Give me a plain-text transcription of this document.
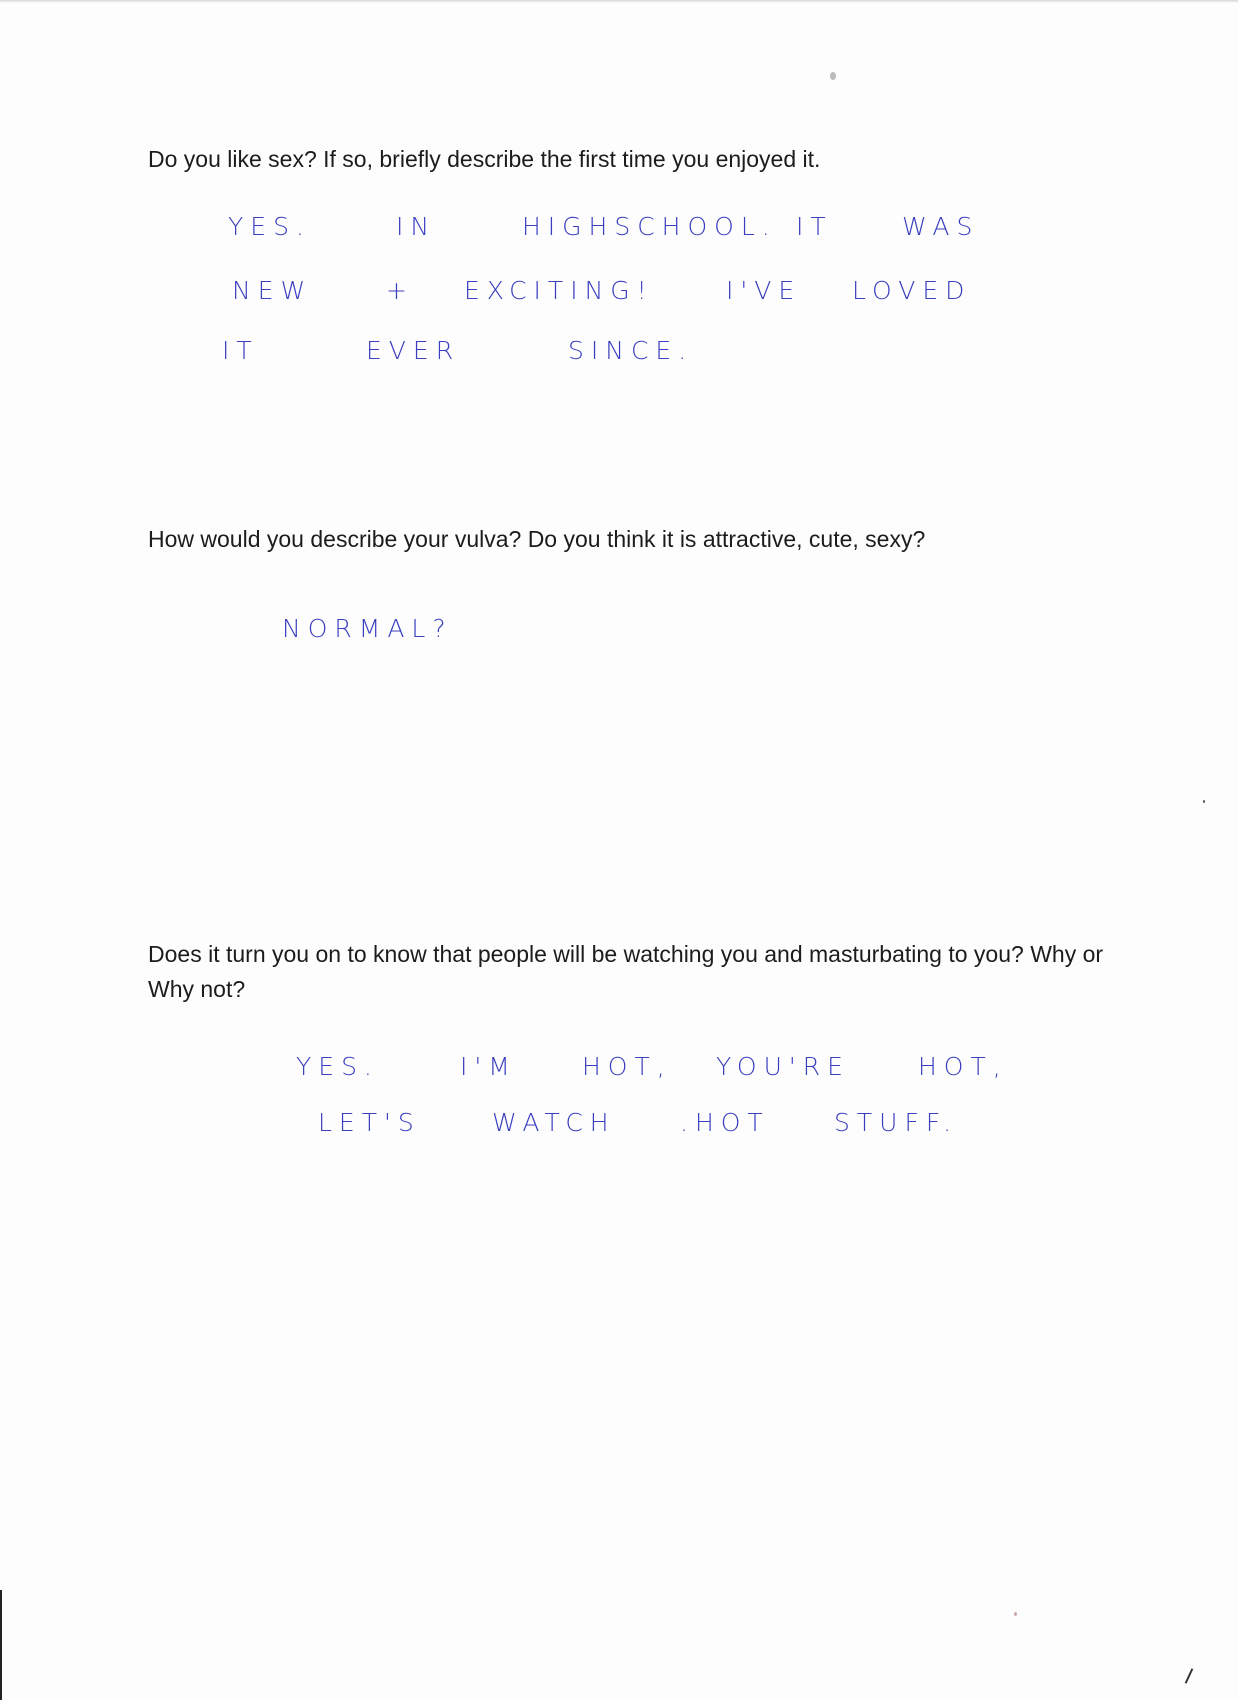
Do you like sex? If so, briefly describe the first time you enjoyed it.

YES.	IN	HIGHSCHOOL. IT	WAS
NEW	+ EXCITING!	I'VE LOVED
IT	EVER	SINCE.

How would you describe your vulva? Do you think it is attractive, cute, sexy?

NORMAL?

Does it turn you on to know that people will be watching you and masturbating to you? Why or Why not?

YES.	I'M	HOT, YOU'RE	HOT,
LET'S	WATCH	.HOT	STUFF.
